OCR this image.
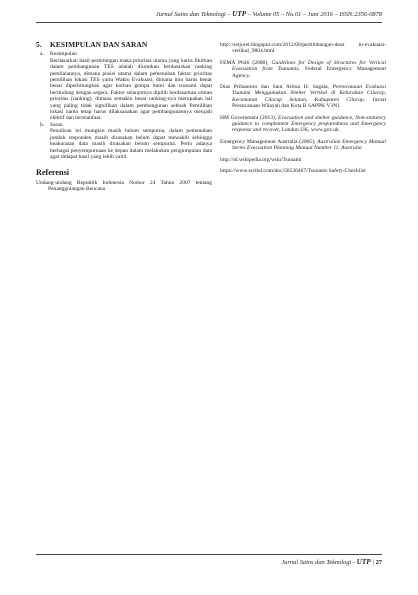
Jurnal Sains dan Teknologi – UTP – Volume 05 – No.01 – Juni 2016 – ISSN:2356-0878
5. KESIMPULAN DAN SARAN
a.	Kesimpulan

Berdasarkan hasil perhitungan maka prioritas utama yang harus fikirkan dalam pembangunan TES adalah diurutkan berdasarkan ranking pemilaiannya, dimana posisi utama dalam pemenuhan faktor prioritas pemilihan lokasi TES yaitu Waktu Evakuasi, dimana inin harus benar benar diperhitungkan agar korban gempa bumi dan tsunami dapat berlindung dengan segera. Faktor selanjutnya dipilih berdasarkan urutan prioritas (ranking), dimana semakin besar ranking-nya merupakan hal yang paling tidak signifikan dalam pembangunan sebuah Pemilihan lokasi namu tetap harus dilaksanakan agar pembangunannya menjadi efektif dan bermanfaat.

b.	Saran

Penulisan ini mungkin masih belum sempurna, dalam pemenuhan jumlah responden masih dirasakan belum dapat mewakili sehingga keakuratan data masih dirasakan belum sempurna. Perlu adanya berbagai penyempurnaan ke depan dalam melakukan pengumpulan data agar didapat hasil yang lebih valid.

Referensi

Undang-undang Republik Indonesia Nomor 24 Tahun 2007 tentang Penanggulangan Bencana

http://setjoret.blogspot.com/2012/06/pertimbangan-desa in-evakuasi-vertikal_9804.html

FEMA P646 (2008), Guidelines for Design of Structures for Vertical Evacuation from Tsunamis. Federal Emergency Management Agency.

Dias Prihantoro dan Saut Aritua H. Sagala, Perencanaan Evakuasi Tsunami Menggunakan Shelter Vertikal di Kelurahan Cilacap, Kecamatan Cilacap Selatan, Kabupaten Cilacap. Jurnal Perencanaan Wilayah dan Kota B SAPPK V3N1

HM Government (2013), Evacuation and shelter guidance, Non-statutory guidance to complement Emergency preparedness and Emergency response and recover, London UK, www.gov.uk

Emergency Management Australia (2005), Australian Emergency Manual Series Evacuation Planning Manual Number 11. Australia

http://id.wikipedia.org/wiki/Tsunami

https://www.scribd.com/doc/50536467/Tsunami-Safety-Checklist

Jurnal Sains dan Teknologi - UTP | 27
